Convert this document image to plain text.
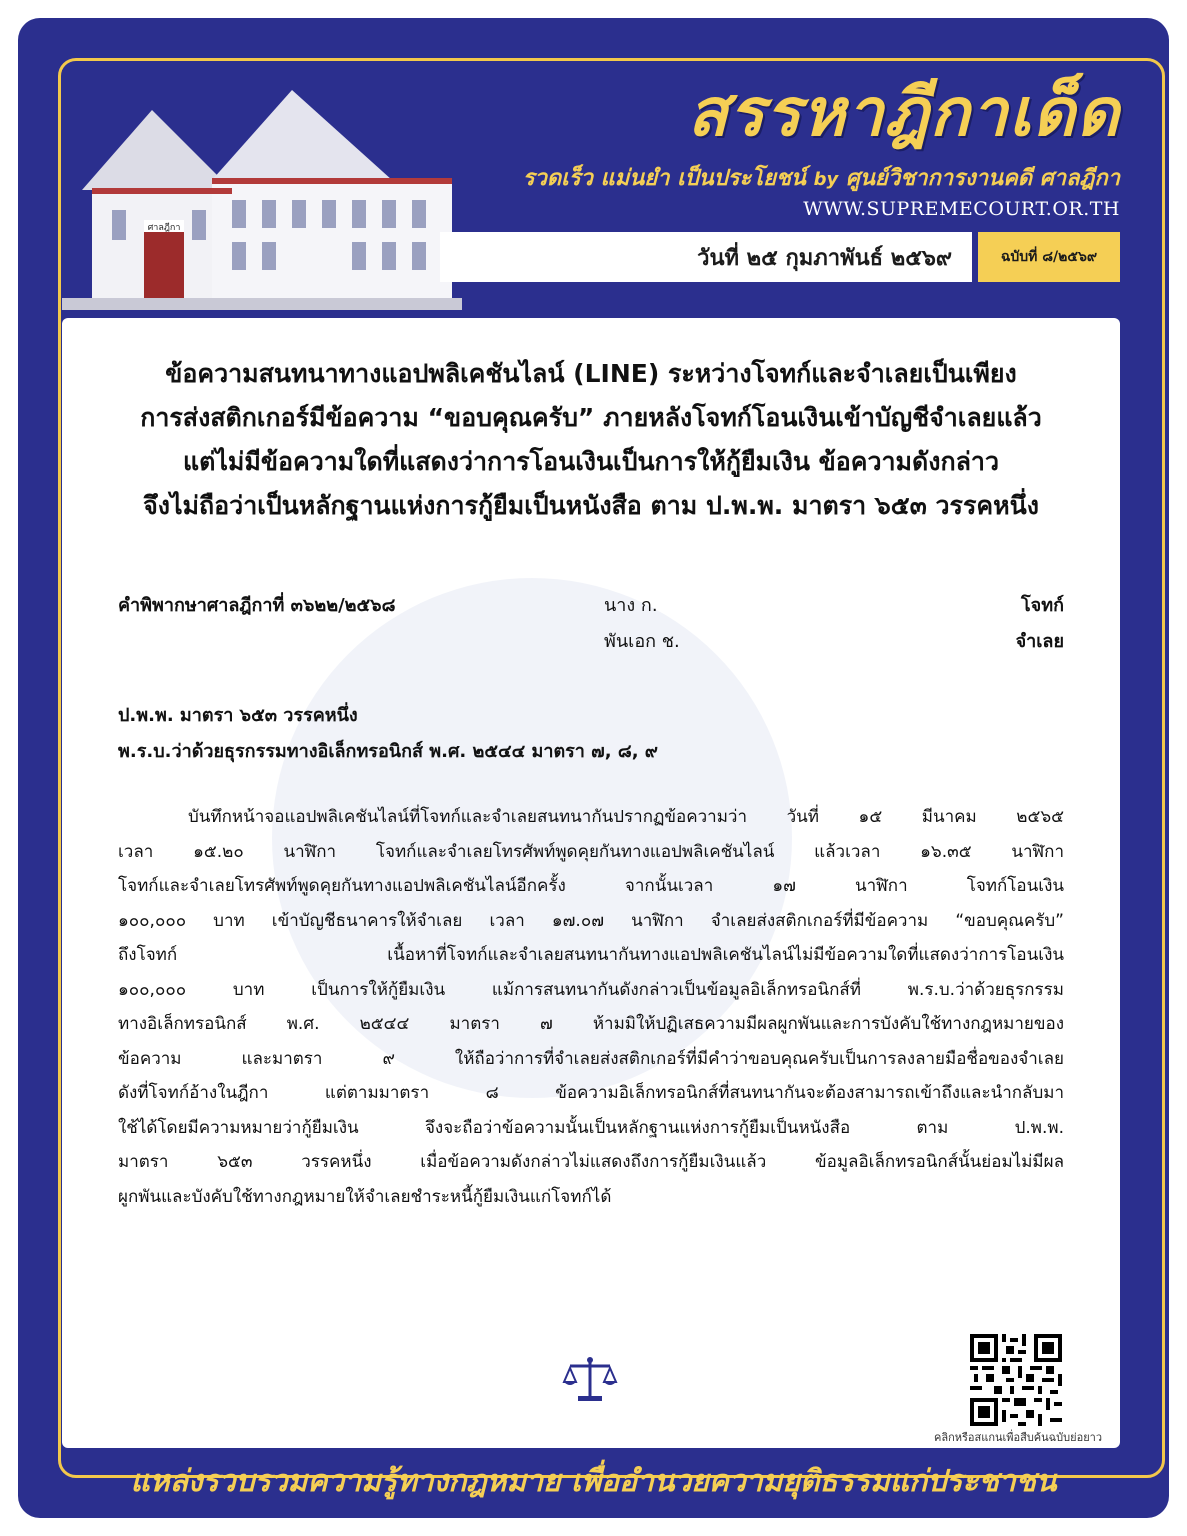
ศาลฎีกา
สรรหาฎีกาเด็ด
รวดเร็ว แม่นยำ เป็นประโยชน์ by ศูนย์วิชาการงานคดี ศาลฎีกา
WWW.SUPREMECOURT.OR.TH
วันที่ ๒๕ กุมภาพันธ์ ๒๕๖๙	ฉบับที่ ๘/๒๕๖๙
ข้อความสนทนาทางแอปพลิเคชันไลน์ (LINE) ระหว่างโจทก์และจำเลยเป็นเพียง
การส่งสติกเกอร์มีข้อความ “ขอบคุณครับ” ภายหลังโจทก์โอนเงินเข้าบัญชีจำเลยแล้ว
แต่ไม่มีข้อความใดที่แสดงว่าการโอนเงินเป็นการให้กู้ยืมเงิน ข้อความดังกล่าว
จึงไม่ถือว่าเป็นหลักฐานแห่งการกู้ยืมเป็นหนังสือ ตาม ป.พ.พ. มาตรา ๖๕๓ วรรคหนึ่ง
คำพิพากษาศาลฎีกาที่ ๓๖๒๒/๒๕๖๘	นาง ก.	โจทก์
พันเอก ช.	จำเลย
ป.พ.พ. มาตรา ๖๕๓ วรรคหนึ่ง
พ.ร.บ.ว่าด้วยธุรกรรมทางอิเล็กทรอนิกส์ พ.ศ. ๒๕๔๔ มาตรา ๗, ๘, ๙
บันทึกหน้าจอแอปพลิเคชันไลน์ที่โจทก์และจำเลยสนทนากันปรากฏข้อความว่า วันที่ ๑๕ มีนาคม ๒๕๖๕
เวลา ๑๕.๒๐ นาฬิกา โจทก์และจำเลยโทรศัพท์พูดคุยกันทางแอปพลิเคชันไลน์ แล้วเวลา ๑๖.๓๕ นาฬิกา
โจทก์และจำเลยโทรศัพท์พูดคุยกันทางแอปพลิเคชันไลน์อีกครั้ง จากนั้นเวลา ๑๗ นาฬิกา โจทก์โอนเงิน
๑๐๐,๐๐๐ บาท เข้าบัญชีธนาคารให้จำเลย เวลา ๑๗.๐๗ นาฬิกา จำเลยส่งสติกเกอร์ที่มีข้อความ “ขอบคุณครับ”
ถึงโจทก์ เนื้อหาที่โจทก์และจำเลยสนทนากันทางแอปพลิเคชันไลน์ไม่มีข้อความใดที่แสดงว่าการโอนเงิน
๑๐๐,๐๐๐ บาท เป็นการให้กู้ยืมเงิน แม้การสนทนากันดังกล่าวเป็นข้อมูลอิเล็กทรอนิกส์ที่ พ.ร.บ.ว่าด้วยธุรกรรม
ทางอิเล็กทรอนิกส์ พ.ศ. ๒๕๔๔ มาตรา ๗ ห้ามมิให้ปฏิเสธความมีผลผูกพันและการบังคับใช้ทางกฎหมายของ
ข้อความ และมาตรา ๙ ให้ถือว่าการที่จำเลยส่งสติกเกอร์ที่มีคำว่าขอบคุณครับเป็นการลงลายมือชื่อของจำเลย
ดังที่โจทก์อ้างในฎีกา แต่ตามมาตรา ๘ ข้อความอิเล็กทรอนิกส์ที่สนทนากันจะต้องสามารถเข้าถึงและนำกลับมา
ใช้ได้โดยมีความหมายว่ากู้ยืมเงิน จึงจะถือว่าข้อความนั้นเป็นหลักฐานแห่งการกู้ยืมเป็นหนังสือ ตาม ป.พ.พ.
มาตรา ๖๕๓ วรรคหนึ่ง เมื่อข้อความดังกล่าวไม่แสดงถึงการกู้ยืมเงินแล้ว ข้อมูลอิเล็กทรอนิกส์นั้นย่อมไม่มีผล
ผูกพันและบังคับใช้ทางกฎหมายให้จำเลยชำระหนี้กู้ยืมเงินแก่โจทก์ได้
คลิกหรือสแกนเพื่อสืบค้นฉบับย่อยาว
แหล่งรวบรวมความรู้ทางกฎหมาย เพื่ออำนวยความยุติธรรมแก่ประชาชน
